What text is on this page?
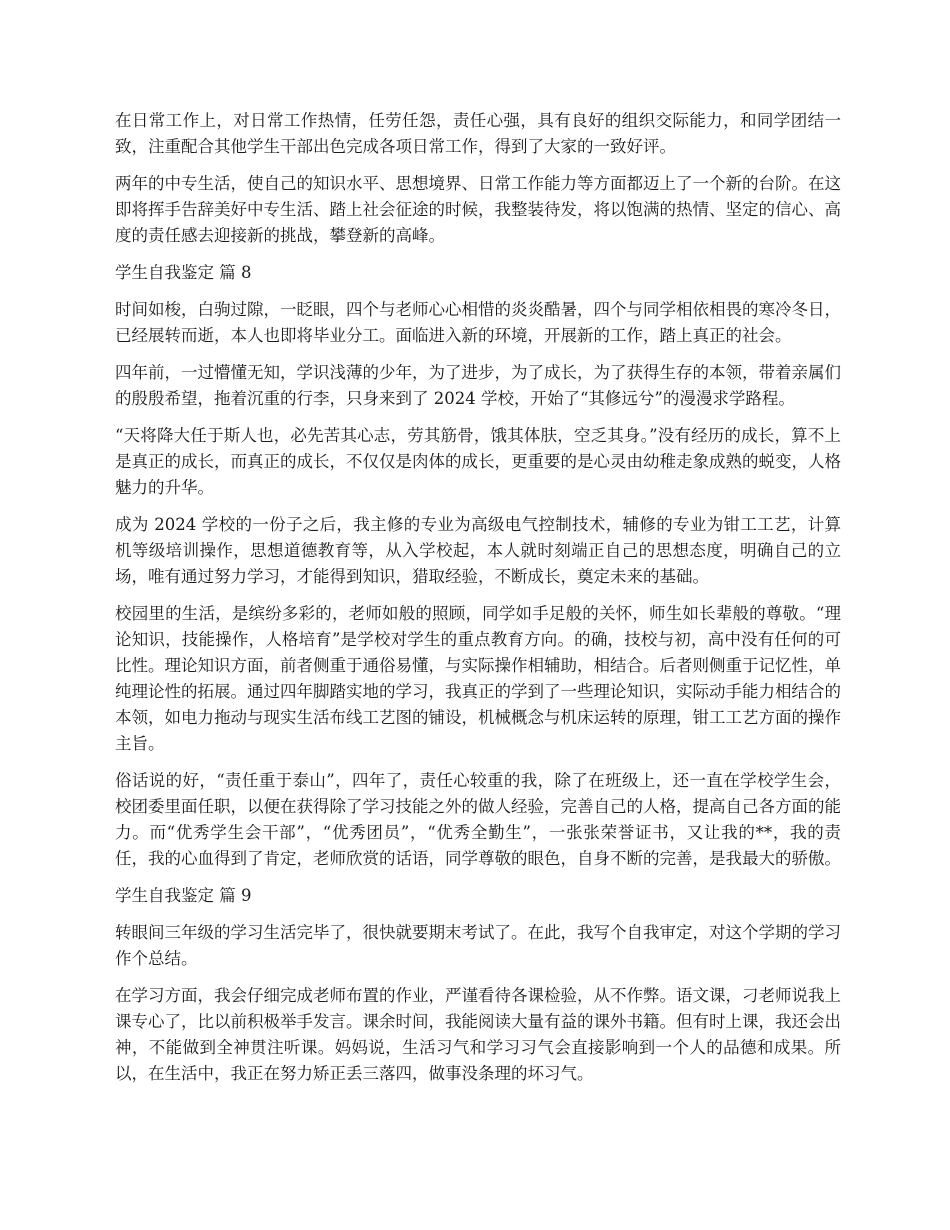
在日常工作上，对日常工作热情，任劳任怨，责任心强，具有良好的组织交际能力，和同学团结一致，注重配合其他学生干部出色完成各项日常工作，得到了大家的一致好评。

两年的中专生活，使自己的知识水平、思想境界、日常工作能力等方面都迈上了一个新的台阶。在这即将挥手告辞美好中专生活、踏上社会征途的时候，我整装待发，将以饱满的热情、坚定的信心、高度的责任感去迎接新的挑战，攀登新的高峰。

学生自我鉴定 篇 8

时间如梭，白驹过隙，一眨眼，四个与老师心心相惜的炎炎酷暑，四个与同学相依相畏的寒冷冬日，已经展转而逝，本人也即将毕业分工。面临进入新的环境，开展新的工作，踏上真正的社会。

四年前，一过懵懂无知，学识浅薄的少年，为了进步，为了成长，为了获得生存的本领，带着亲属们的殷殷希望，拖着沉重的行李，只身来到了 2024 学校，开始了“其修远兮”的漫漫求学路程。

“天将降大任于斯人也，必先苦其心志，劳其筋骨，饿其体肤，空乏其身。”没有经历的成长，算不上是真正的成长，而真正的成长，不仅仅是肉体的成长，更重要的是心灵由幼稚走象成熟的蜕变，人格魅力的升华。

成为 2024 学校的一份子之后，我主修的专业为高级电气控制技术，辅修的专业为钳工工艺，计算机等级培训操作，思想道德教育等，从入学校起，本人就时刻端正自己的思想态度，明确自己的立场，唯有通过努力学习，才能得到知识，猎取经验，不断成长，奠定未来的基础。

校园里的生活，是缤纷多彩的，老师如般的照顾，同学如手足般的关怀，师生如长辈般的尊敬。“理论知识，技能操作，人格培育”是学校对学生的重点教育方向。的确，技校与初，高中没有任何的可比性。理论知识方面，前者侧重于通俗易懂，与实际操作相辅助，相结合。后者则侧重于记忆性，单纯理论性的拓展。通过四年脚踏实地的学习，我真正的学到了一些理论知识，实际动手能力相结合的本领，如电力拖动与现实生活布线工艺图的铺设，机械概念与机床运转的原理，钳工工艺方面的操作主旨。

俗话说的好，“责任重于泰山”，四年了，责任心较重的我，除了在班级上，还一直在学校学生会，校团委里面任职，以便在获得除了学习技能之外的做人经验，完善自己的人格，提高自己各方面的能力。而“优秀学生会干部”，“优秀团员”，“优秀全勤生”，一张张荣誉证书，又让我的**，我的责任，我的心血得到了肯定，老师欣赏的话语，同学尊敬的眼色，自身不断的完善，是我最大的骄傲。

学生自我鉴定 篇 9

转眼间三年级的学习生活完毕了，很快就要期末考试了。在此，我写个自我审定，对这个学期的学习作个总结。

在学习方面，我会仔细完成老师布置的作业，严谨看待各课检验，从不作弊。语文课，刁老师说我上课专心了，比以前积极举手发言。课余时间，我能阅读大量有益的课外书籍。但有时上课，我还会出神，不能做到全神贯注听课。妈妈说，生活习气和学习习气会直接影响到一个人的品德和成果。所以，在生活中，我正在努力矫正丢三落四，做事没条理的坏习气。
